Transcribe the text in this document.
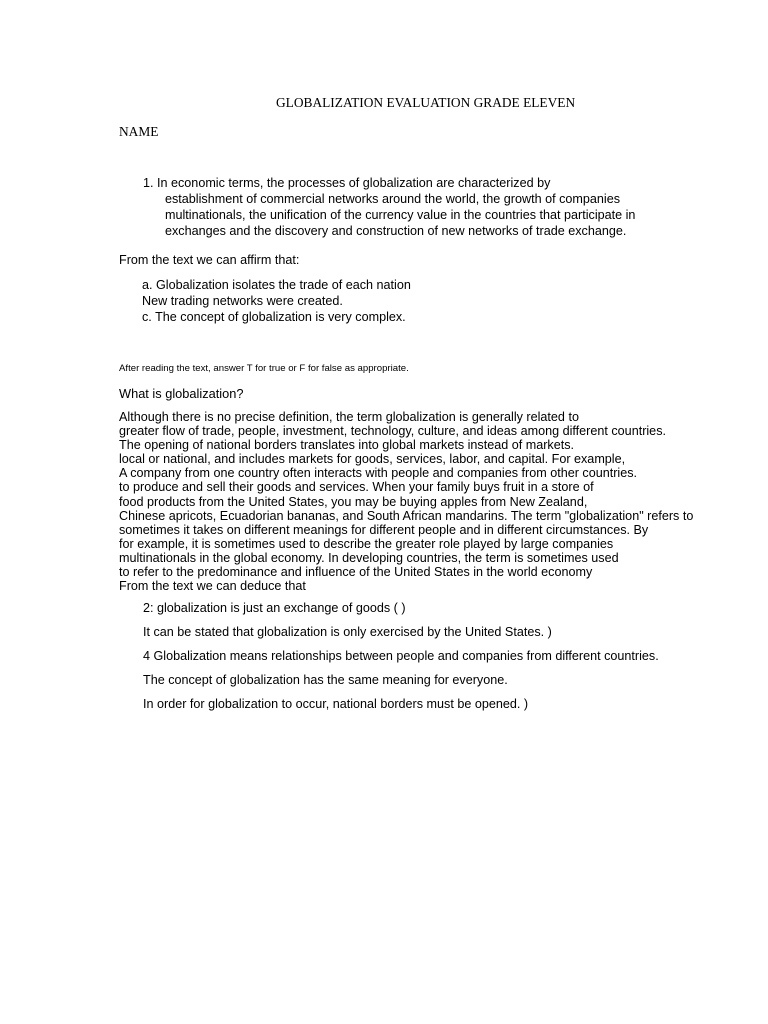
GLOBALIZATION EVALUATION GRADE ELEVEN
NAME
1. In economic terms, the processes of globalization are characterized by
establishment of commercial networks around the world, the growth of companies
multinationals, the unification of the currency value in the countries that participate in
exchanges and the discovery and construction of new networks of trade exchange.
From the text we can affirm that:
a. Globalization isolates the trade of each nation
New trading networks were created.
c. The concept of globalization is very complex.
After reading the text, answer T for true or F for false as appropriate.
What is globalization?
Although there is no precise definition, the term globalization is generally related to
greater flow of trade, people, investment, technology, culture, and ideas among different countries.
The opening of national borders translates into global markets instead of markets.
local or national, and includes markets for goods, services, labor, and capital. For example,
A company from one country often interacts with people and companies from other countries.
to produce and sell their goods and services. When your family buys fruit in a store of
food products from the United States, you may be buying apples from New Zealand,
Chinese apricots, Ecuadorian bananas, and South African mandarins. The term "globalization" refers to
sometimes it takes on different meanings for different people and in different circumstances. By
for example, it is sometimes used to describe the greater role played by large companies
multinationals in the global economy. In developing countries, the term is sometimes used
to refer to the predominance and influence of the United States in the world economy
From the text we can deduce that
2: globalization is just an exchange of goods ( )
It can be stated that globalization is only exercised by the United States. )
4 Globalization means relationships between people and companies from different countries.
The concept of globalization has the same meaning for everyone.
In order for globalization to occur, national borders must be opened. )
